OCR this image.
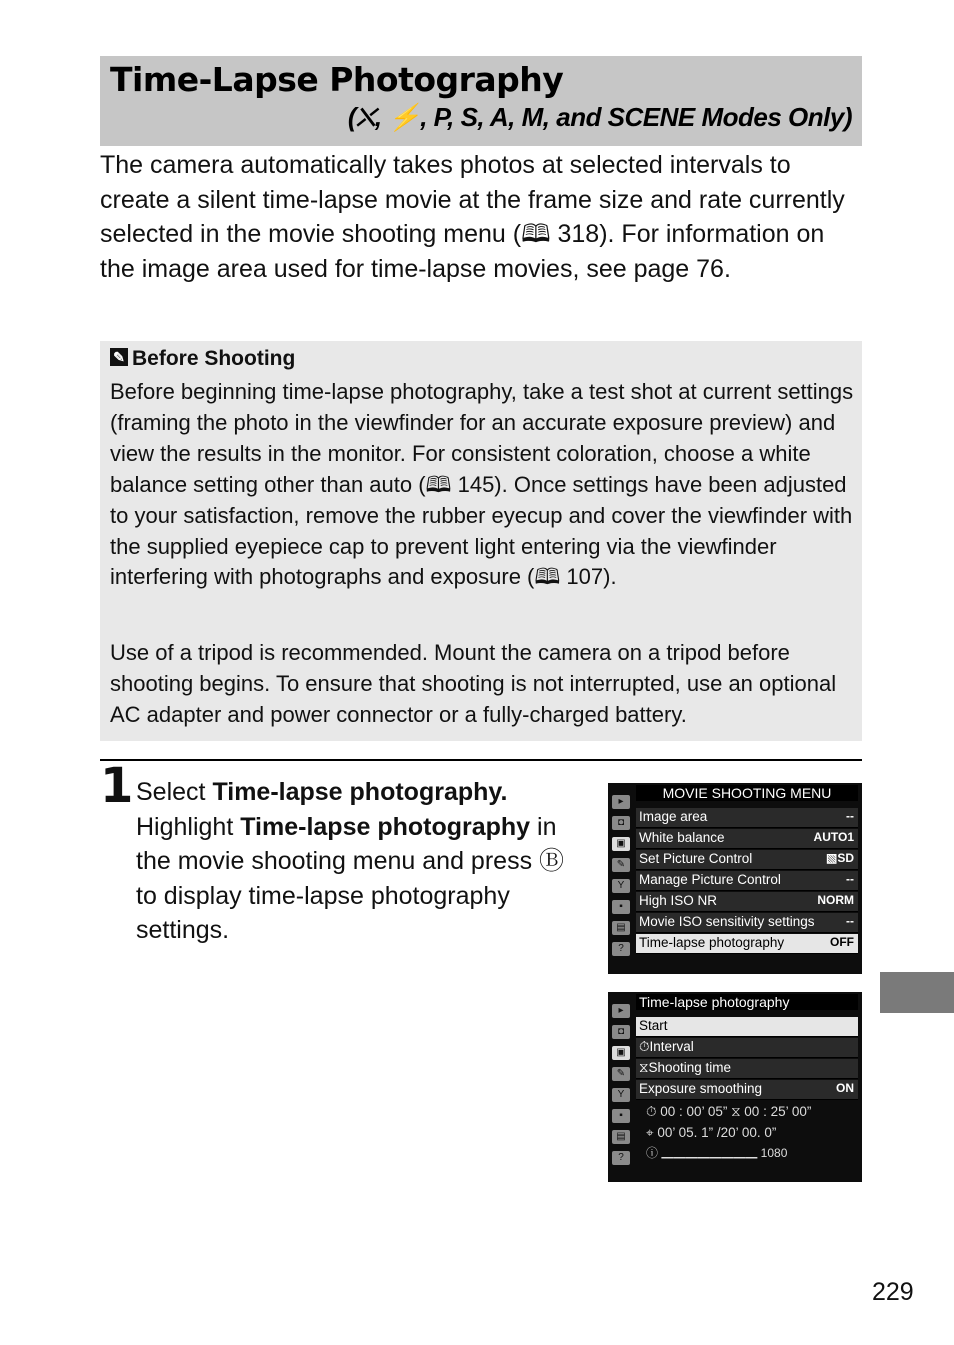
Time-Lapse Photography
(⛌, ⚡, P, S, A, M, and SCENE Modes Only)

The camera automatically takes photos at selected intervals to create a silent time-lapse movie at the frame size and rate currently selected in the movie shooting menu (🕮 318). For information on the image area used for time-lapse movies, see page 76.

✎ Before Shooting

Before beginning time-lapse photography, take a test shot at current settings (framing the photo in the viewfinder for an accurate exposure preview) and view the results in the monitor. For consistent coloration, choose a white balance setting other than auto (🕮 145). Once settings have been adjusted to your satisfaction, remove the rubber eyecup and cover the viewfinder with the supplied eyepiece cap to prevent light entering via the viewfinder interfering with photographs and exposure (🕮 107).

Use of a tripod is recommended. Mount the camera on a tripod before shooting begins. To ensure that shooting is not interrupted, use an optional AC adapter and power connector or a fully-charged battery.

1 Select Time-lapse photography.
Highlight Time-lapse photography in the movie shooting menu and press Ⓑ to display time-lapse photography settings.

MOVIE SHOOTING MENU
▸
◘
▣
✎
Y
▪
▤
?
Image area	--
White balance	AUTO1
Set Picture Control	▧SD
Manage Picture Control	--
High ISO NR	NORM
Movie ISO sensitivity settings	--
Time-lapse photography	OFF
Time-lapse photography
▸
◘
▣
✎
Y
▪
▤
?
Start
⏱Interval
⧖Shooting time
Exposure smoothing	ON
⏱ 00 : 00’ 05” ⧖ 00 : 25’ 00”
⌖ 00’ 05. 1” /20’ 00. 0”
ⓘ ▁▁▁▁▁▁▁▁ 1080
229
